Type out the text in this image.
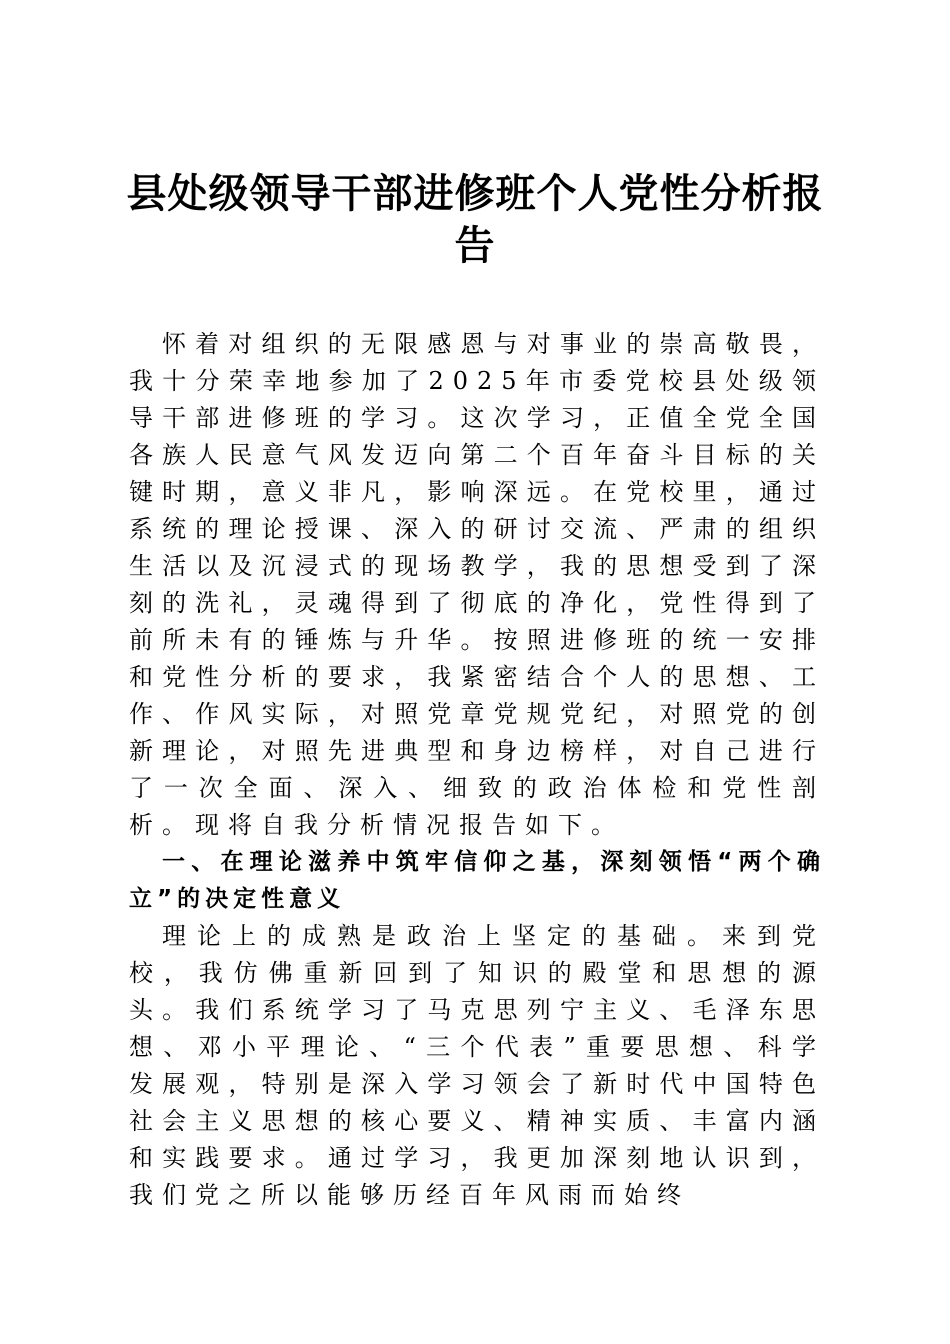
县处级领导干部进修班个人党性分析报告

怀着对组织的无限感恩与对事业的崇高敬畏，我十分荣幸地参加了2025年市委党校县处级领导干部进修班的学习。这次学习，正值全党全国各族人民意气风发迈向第二个百年奋斗目标的关键时期，意义非凡，影响深远。在党校里，通过系统的理论授课、深入的研讨交流、严肃的组织生活以及沉浸式的现场教学，我的思想受到了深刻的洗礼，灵魂得到了彻底的净化，党性得到了前所未有的锤炼与升华。按照进修班的统一安排和党性分析的要求，我紧密结合个人的思想、工作、作风实际，对照党章党规党纪，对照党的创新理论，对照先进典型和身边榜样，对自己进行了一次全面、深入、细致的政治体检和党性剖析。现将自我分析情况报告如下。

一、在理论滋养中筑牢信仰之基，深刻领悟“两个确立”的决定性意义

理论上的成熟是政治上坚定的基础。来到党校，我仿佛重新回到了知识的殿堂和思想的源头。我们系统学习了马克思列宁主义、毛泽东思想、邓小平理论、“三个代表”重要思想、科学发展观，特别是深入学习领会了新时代中国特色社会主义思想的核心要义、精神实质、丰富内涵和实践要求。通过学习，我更加深刻地认识到，我们党之所以能够历经百年风雨而始终
